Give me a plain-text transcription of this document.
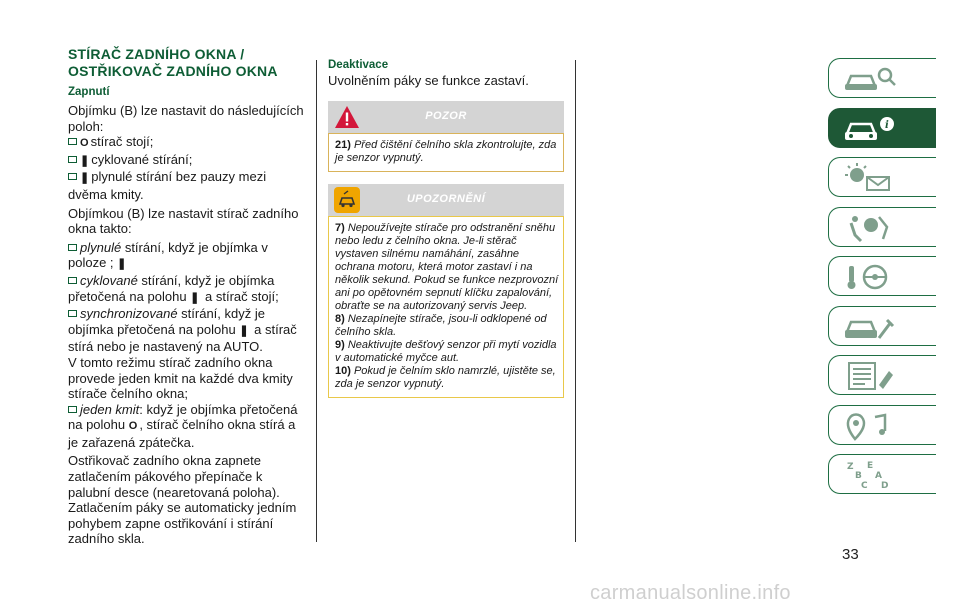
STÍRAČ ZADNÍHO OKNA /
OSTŘIKOVAČ ZADNÍHO OKNA
Zapnutí

Objímku (B) lze nastavit do následujících poloh:

O stírač stojí;
❚ cyklované stírání;
❚ plynulé stírání bez pauzy mezi dvěma kmity.

Objímkou (B) lze nastavit stírač zadního okna takto:

plynulé stírání, když je objímka v poloze ; ❚
cyklované stírání, když je objímka přetočená na polohu ❚ a stírač stojí;
synchronizované stírání, když je objímka přetočená na polohu ❚ a stírač stírá nebo je nastavený na AUTO.

V tomto režimu stírač zadního okna provede jeden kmit na každé dva kmity stírače čelního okna;

jeden kmit: když je objímka přetočená na polohu O , stírač čelního okna stírá a je zařazená zpátečka.

Ostřikovač zadního okna zapnete zatlačením pákového přepínače k palubní desce (nearetovaná poloha). Zatlačením páky se automaticky jedním pohybem zapne ostřikování i stírání zadního skla.

Deaktivace
Uvolněním páky se funkce zastaví.
POZOR
21) Před čištění čelního skla zkontrolujte, zda je senzor vypnutý.
UPOZORNĚNÍ
7) Nepoužívejte stírače pro odstranění sněhu nebo ledu z čelního okna. Je-li stěrač vystaven silnému namáhání, zasáhne ochrana motoru, která motor zastaví i na několik sekund. Pokud se funkce nezprovozní ani po opětovném sepnutí klíčku zapalování, obraťte se na autorizovaný servis Jeep.
8) Nezapínejte stírače, jsou-li odklopené od čelního skla.
9) Neaktivujte dešťový senzor při mytí vozidla v automatické myčce aut.
10) Pokud je čelním sklo namrzlé, ujistěte se, zda je senzor vypnutý.
i
Z E
B A
C D
33
carmanualsonline.info
